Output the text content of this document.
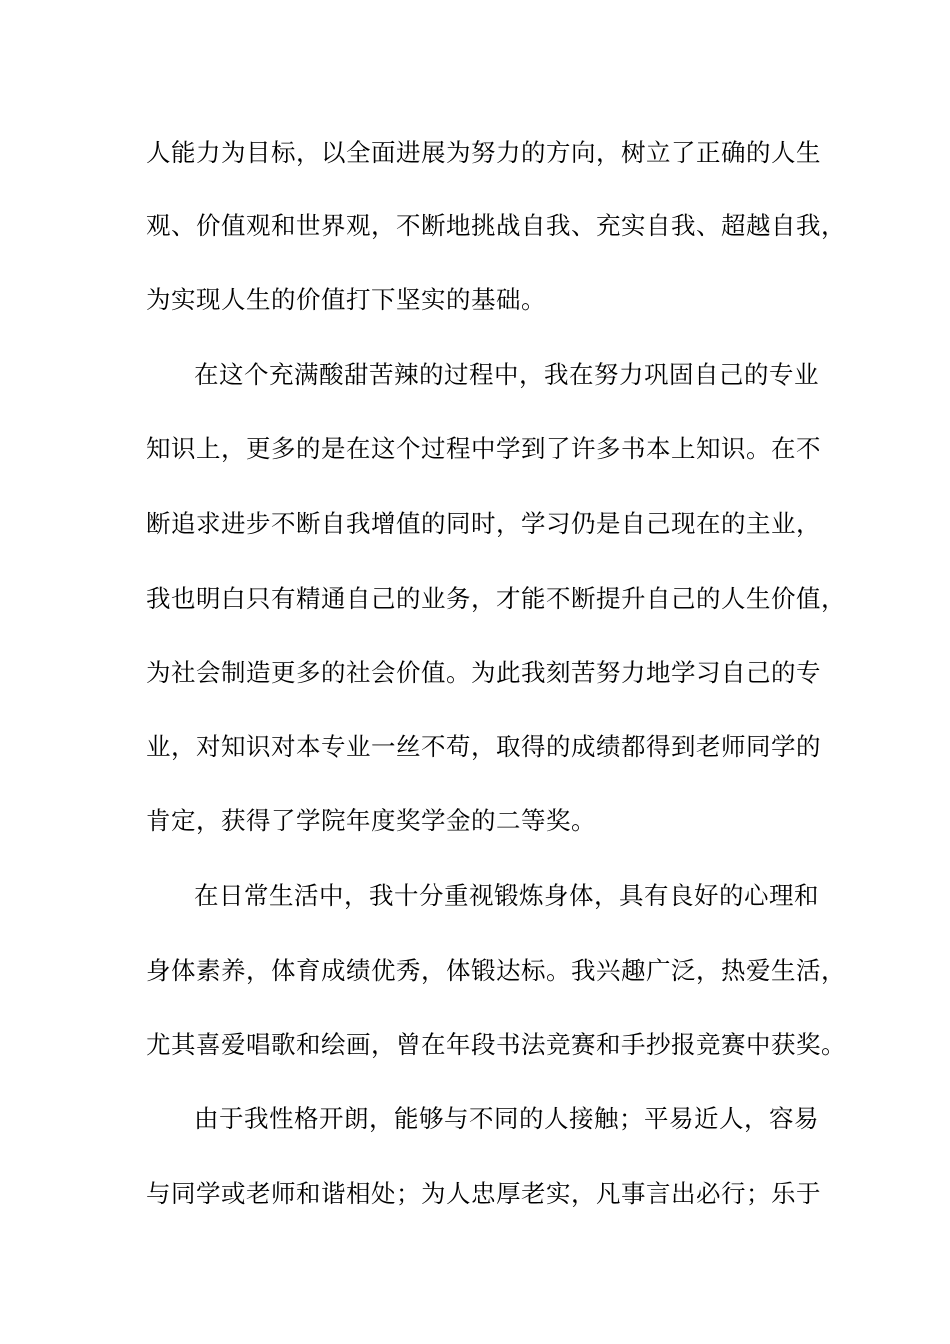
人能力为目标，以全面进展为努力的方向，树立了正确的人生
观、价值观和世界观，不断地挑战自我、充实自我、超越自我，
为实现人生的价值打下坚实的基础。
在这个充满酸甜苦辣的过程中，我在努力巩固自己的专业
知识上，更多的是在这个过程中学到了许多书本上知识。在不
断追求进步不断自我增值的同时，学习仍是自己现在的主业，
我也明白只有精通自己的业务，才能不断提升自己的人生价值，
为社会制造更多的社会价值。为此我刻苦努力地学习自己的专
业，对知识对本专业一丝不苟，取得的成绩都得到老师同学的
肯定，获得了学院年度奖学金的二等奖。
在日常生活中，我十分重视锻炼身体，具有良好的心理和
身体素养，体育成绩优秀，体锻达标。我兴趣广泛，热爱生活，
尤其喜爱唱歌和绘画，曾在年段书法竞赛和手抄报竞赛中获奖。
由于我性格开朗，能够与不同的人接触；平易近人，容易
与同学或老师和谐相处；为人忠厚老实，凡事言出必行；乐于
